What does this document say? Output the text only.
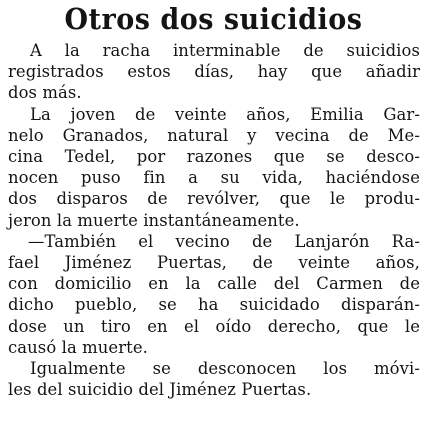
Otros dos suicidios
A la racha interminable de suicidios
registrados estos días, hay que añadir
dos más.
La joven de veinte años, Emilia Gar-
nelo Granados, natural y vecina de Me-
cina Tedel, por razones que se desco-
nocen puso fin a su vida, haciéndose
dos disparos de revólver, que le produ-
jeron la muerte instantáneamente.
—También el vecino de Lanjarón Ra-
fael Jiménez Puertas, de veinte años,
con domicilio en la calle del Carmen de
dicho pueblo, se ha suicidado disparán-
dose un tiro en el oído derecho, que le
causó la muerte.
Igualmente se desconocen los móvi-
les del suicidio del Jiménez Puertas.
